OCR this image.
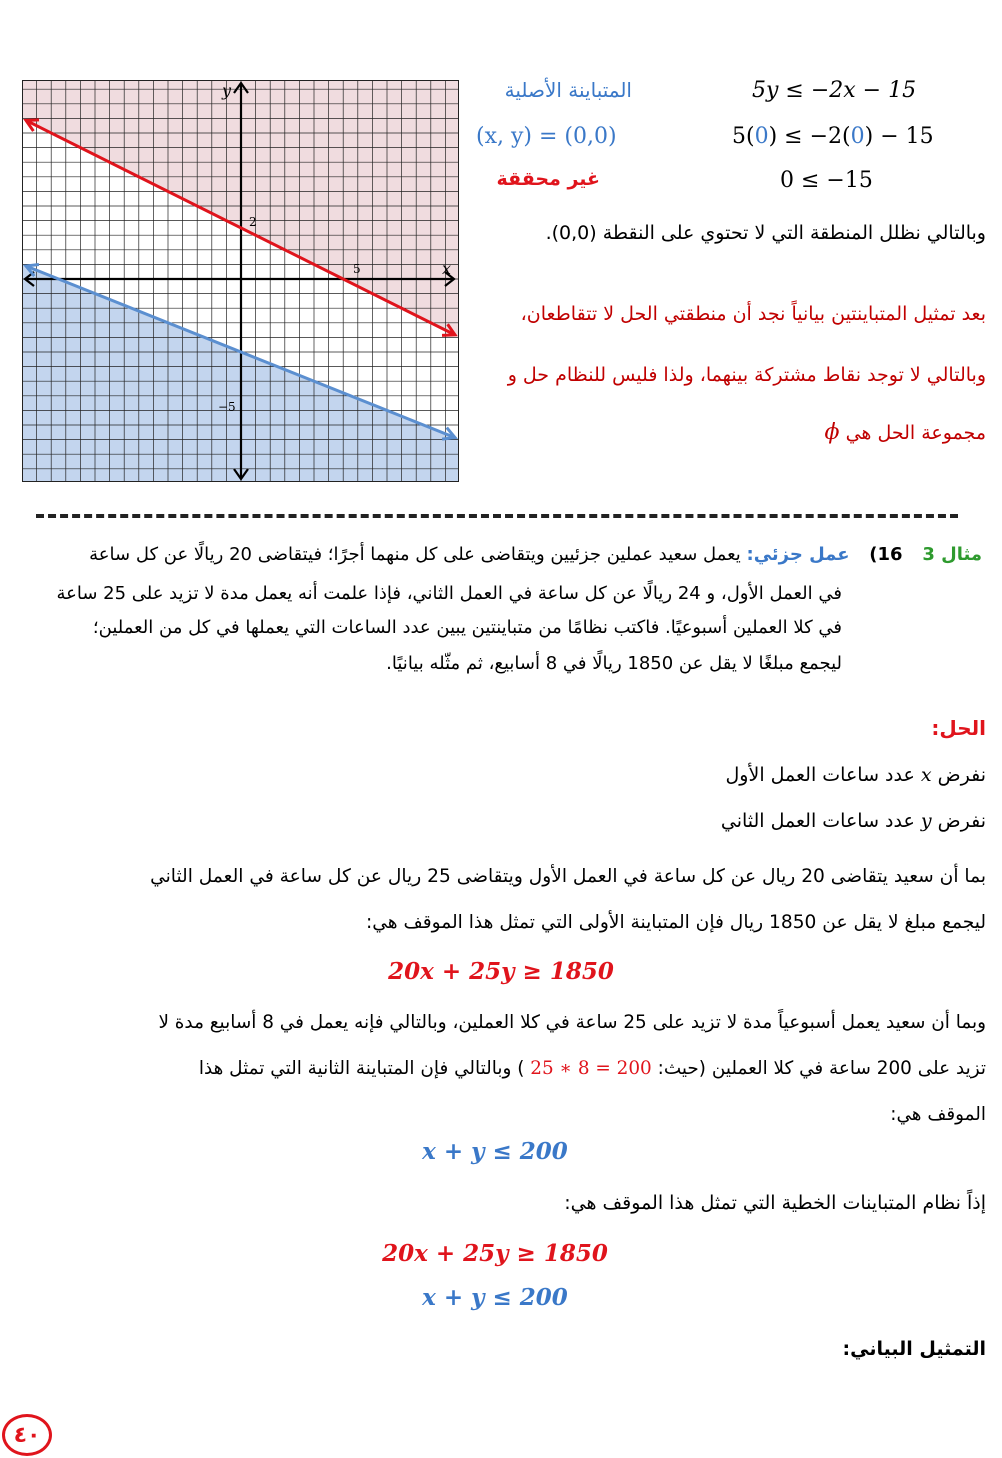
y
x
2
5
−5
المتباينة الأصلية	5y ≤ −2x − 15
(x, y) = (0,0)	5(0) ≤ −2(0) − 15
غير محققة	0 ≤ −15
وبالتالي نظلل المنطقة التي لا تحتوي على النقطة (0,0).
بعد تمثيل المتباينتين بيانياً نجد أن منطقتي الحل لا تتقاطعان،
وبالتالي لا توجد نقاط مشتركة بينهما، ولذا فليس للنظام حل و
مجموعة الحل هي ϕ
مثال 3 16) عمل جزئي: يعمل سعيد عملين جزئيين ويتقاضى على كل منهما أجرًا؛ فيتقاضى 20 ريالًا عن كل ساعة
في العمل الأول، و 24 ريالًا عن كل ساعة في العمل الثاني، فإذا علمت أنه يعمل مدة لا تزيد على 25 ساعة
في كلا العملين أسبوعيًا. فاكتب نظامًا من متباينتين يبين عدد الساعات التي يعملها في كل من العملين؛
ليجمع مبلغًا لا يقل عن 1850 ريالًا في 8 أسابيع، ثم مثّله بيانيًا.
الحل:
نفرض x عدد ساعات العمل الأول
نفرض y عدد ساعات العمل الثاني
بما أن سعيد يتقاضى 20 ريال عن كل ساعة في العمل الأول ويتقاضى 25 ريال عن كل ساعة في العمل الثاني
ليجمع مبلغ لا يقل عن 1850 ريال فإن المتباينة الأولى التي تمثل هذا الموقف هي:
20x + 25y ≥ 1850
وبما أن سعيد يعمل أسبوعياً مدة لا تزيد على 25 ساعة في كلا العملين، وبالتالي فإنه يعمل في 8 أسابيع مدة لا
تزيد على 200 ساعة في كلا العملين (حيث: 25 ∗ 8 = 200 ) وبالتالي فإن المتباينة الثانية التي تمثل هذا
الموقف هي:
x + y ≤ 200
إذاً نظام المتباينات الخطية التي تمثل هذا الموقف هي:
20x + 25y ≥ 1850
x + y ≤ 200
التمثيل البياني:
٤٠
